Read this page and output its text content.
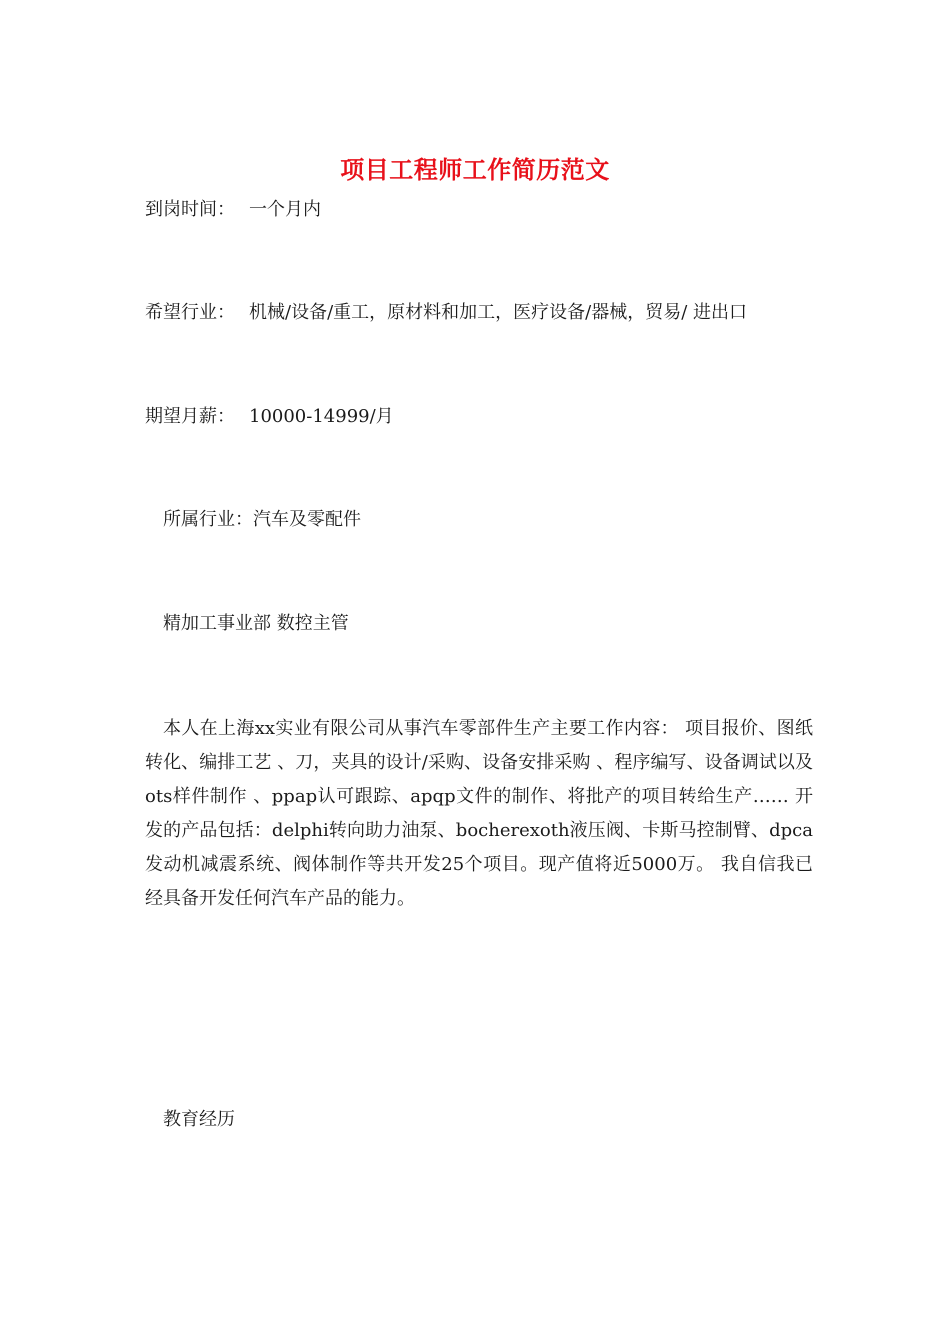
项目工程师工作简历范文

到岗时间： 一个月内

希望行业： 机械/设备/重工，原材料和加工，医疗设备/器械，贸易/ 进出口

期望月薪： 10000-14999/月

所属行业：汽车及零配件

精加工事业部 数控主管

本人在上海xx实业有限公司从事汽车零部件生产主要工作内容： 项目报价、图纸转化、编排工艺 、刀，夹具的设计/采购、设备安排采购 、程序编写、设备调试以及ots样件制作 、ppap认可跟踪、apqp文件的制作、将批产的项目转给生产…… 开发的产品包括：delphi转向助力油泵、bocherexoth液压阀、卡斯马控制臂、dpca发动机减震系统、阀体制作等共开发25个项目。现产值将近5000万。 我自信我已经具备开发任何汽车产品的能力。

教育经历
